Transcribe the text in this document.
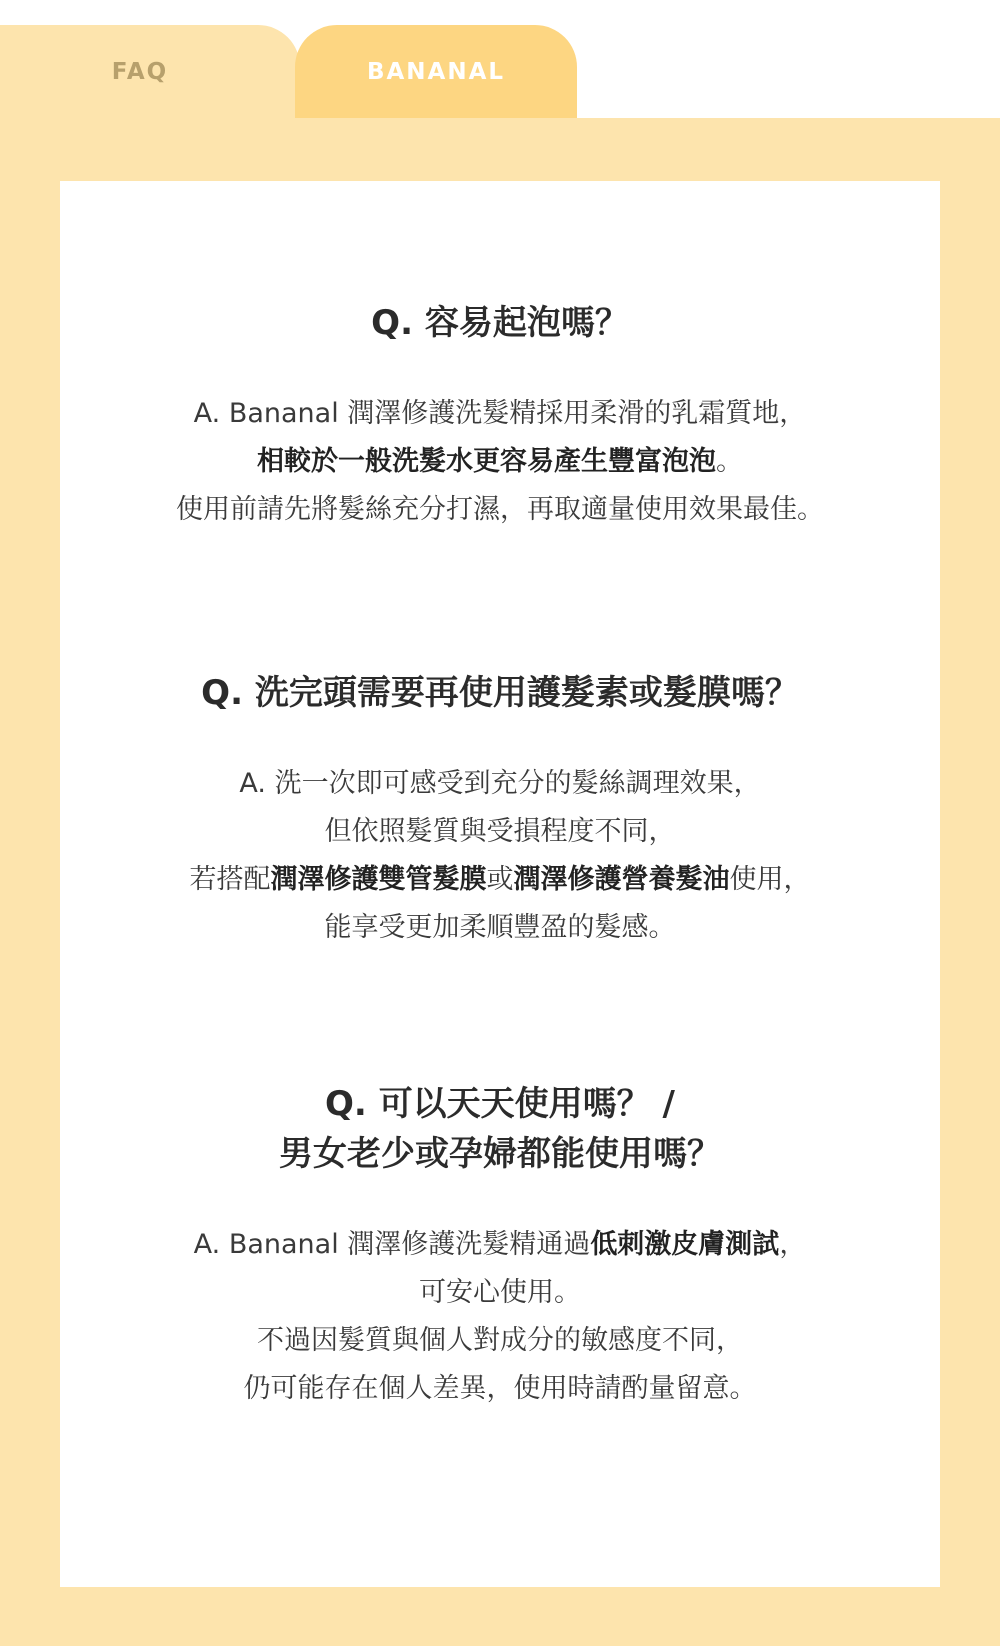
FAQ	BANANAL
Q. 容易起泡嗎？
A. Bananal 潤澤修護洗髮精採用柔滑的乳霜質地，
相較於一般洗髮水更容易產生豐富泡泡。
使用前請先將髮絲充分打濕，再取適量使用效果最佳。
Q. 洗完頭需要再使用護髮素或髮膜嗎？
A. 洗一次即可感受到充分的髮絲調理效果，
但依照髮質與受損程度不同，
若搭配潤澤修護雙管髮膜或潤澤修護營養髮油使用，
能享受更加柔順豐盈的髮感。
Q. 可以天天使用嗎？ /
男女老少或孕婦都能使用嗎？
A. Bananal 潤澤修護洗髮精通過低刺激皮膚測試，
可安心使用。
不過因髮質與個人對成分的敏感度不同，
仍可能存在個人差異，使用時請酌量留意。
